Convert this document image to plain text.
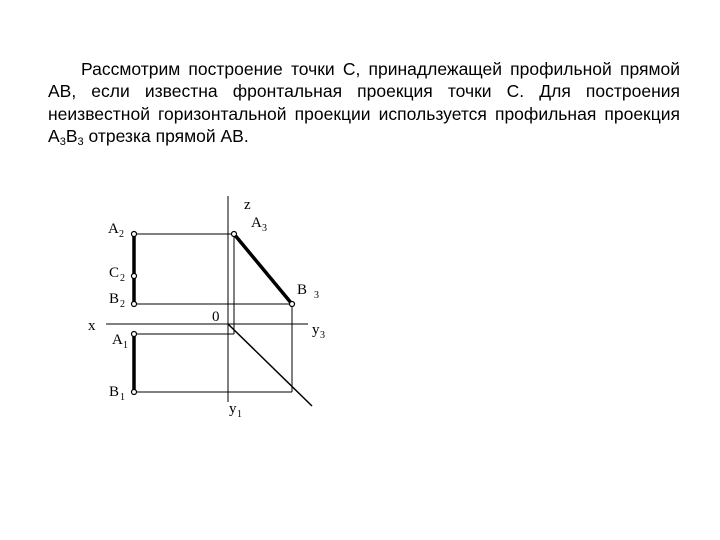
Рассмотрим построение точки С, принадлежащей профильной прямой АВ, если известна фронтальная проекция точки С. Для построения неизвестной горизонтальной проекции используется профильная проекция $А_3В_3$ отрезка прямой АВ.

z
x
0
A 2
C 2
B 2
A 1
B 1
A 3
B 3
y 3
y 1
